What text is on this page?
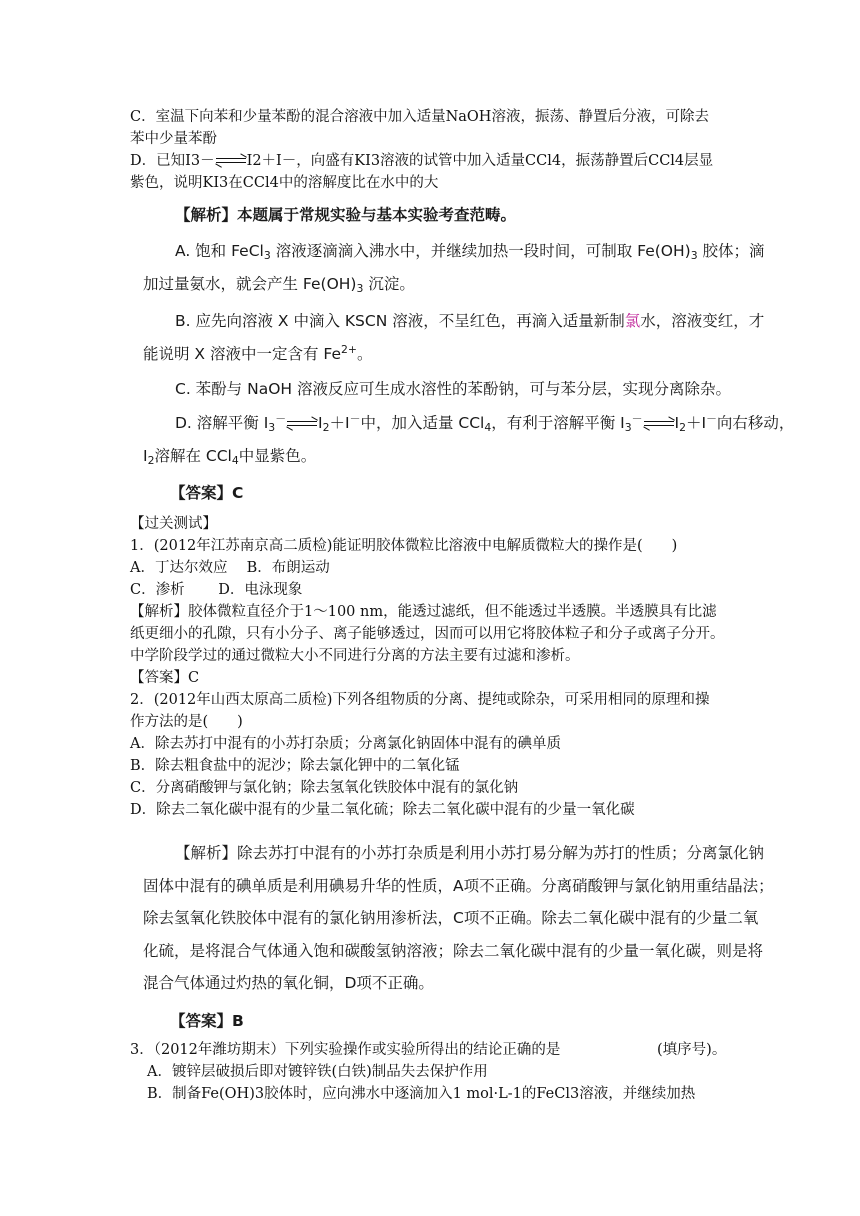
C．室温下向苯和少量苯酚的混合溶液中加入适量NaOH溶液，振荡、静置后分液，可除去
苯中少量苯酚
D．已知I3－ I2＋I－，向盛有KI3溶液的试管中加入适量CCl4，振荡静置后CCl4层显
紫色，说明KI3在CCl4中的溶解度比在水中的大
【解析】本题属于常规实验与基本实验考查范畴。
A. 饱和 FeCl$_3$ 溶液逐滴滴入沸水中，并继续加热一段时间，可制取 $Fe(OH)_3$ 胶体；滴
加过量氨水，就会产生 $Fe(OH)_3$ 沉淀。
B. 应先向溶液 X 中滴入 KSCN 溶液，不呈红色，再滴入适量新制氯水，溶液变红，才
能说明 X 溶液中一定含有 $Fe^{2+}$。
C. 苯酚与 NaOH 溶液反应可生成水溶性的苯酚钠，可与苯分层，实现分离除杂。
D. 溶解平衡 $I_3^-$ $I_2+I^-$中，加入适量 CCl$_4$，有利于溶解平衡 $I_3^-$ $I_2+I^-$向右移动，
$I_2$溶解在 CCl$_4$中显紫色。
【答案】C
【过关测试】
1．(2012年江苏南京高二质检)能证明胶体微粒比溶液中电解质微粒大的操作是(　　)
A．丁达尔效应　 B．布朗运动
C．渗析　　 D．电泳现象
【解析】胶体微粒直径介于1～100 nm，能透过滤纸，但不能透过半透膜。半透膜具有比滤
纸更细小的孔隙，只有小分子、离子能够透过，因而可以用它将胶体粒子和分子或离子分开。
中学阶段学过的通过微粒大小不同进行分离的方法主要有过滤和渗析。
【答案】C
2．(2012年山西太原高二质检)下列各组物质的分离、提纯或除杂，可采用相同的原理和操
作方法的是(　　)
A．除去苏打中混有的小苏打杂质；分离氯化钠固体中混有的碘单质
B．除去粗食盐中的泥沙；除去氯化钾中的二氧化锰
C．分离硝酸钾与氯化钠；除去氢氧化铁胶体中混有的氯化钠
D．除去二氧化碳中混有的少量二氧化硫；除去二氧化碳中混有的少量一氧化碳
【解析】除去苏打中混有的小苏打杂质是利用小苏打易分解为苏打的性质；分离氯化钠
固体中混有的碘单质是利用碘易升华的性质，A项不正确。分离硝酸钾与氯化钠用重结晶法；
除去氢氧化铁胶体中混有的氯化钠用渗析法，C项不正确。除去二氧化碳中混有的少量二氧
化硫，是将混合气体通入饱和碳酸氢钠溶液；除去二氧化碳中混有的少量一氧化碳，则是将
混合气体通过灼热的氧化铜，D项不正确。
【答案】B
3．（2012年潍坊期末）下列实验操作或实验所得出的结论正确的是	(填序号)。
A．镀锌层破损后即对镀锌铁(白铁)制品失去保护作用
B．制备Fe(OH)3胶体时，应向沸水中逐滴加入1 mol·L-1的FeCl3溶液，并继续加热
